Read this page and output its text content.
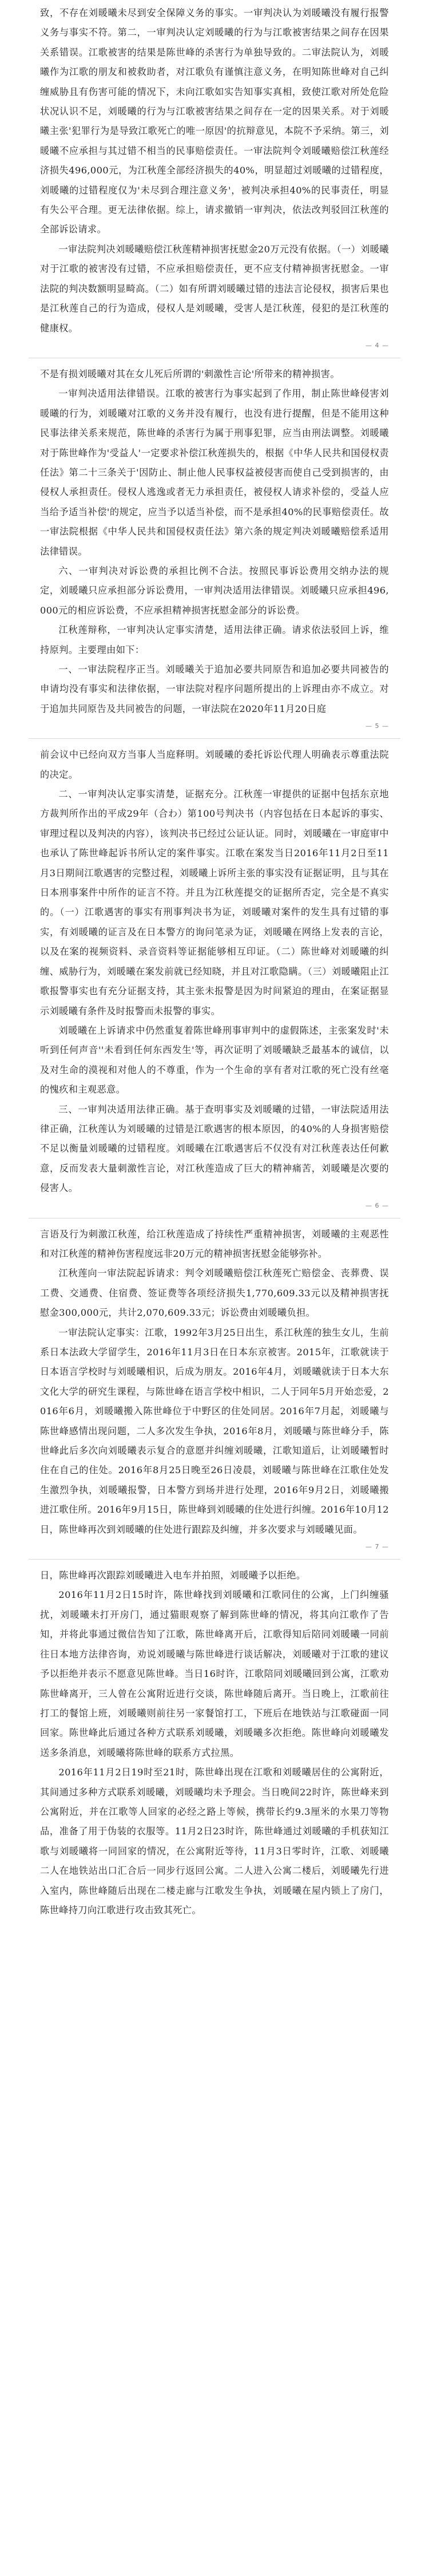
致，不存在刘暖曦未尽到安全保障义务的事实。一审判决认为刘暖曦没有履行报警义务与事实不符。第二，一审判决认定刘暖曦的行为与江歌被害结果之间存在因果关系错误。江歌被害的结果是陈世峰的杀害行为单独导致的。二审法院认为，刘暖曦作为江歌的朋友和被救助者，对江歌负有谨慎注意义务，在明知陈世峰对自己纠缠威胁且有伤害可能的情况下，未向江歌如实告知事实真相，致使江歌对所处危险状况认识不足，刘暖曦的行为与江歌被害结果之间存在一定的因果关系。对于刘暖曦主张'犯罪行为是导致江歌死亡的唯一原因'的抗辩意见，本院不予采纳。第三，刘暖曦不应承担与其过错不相当的民事赔偿责任。一审法院判令刘暖曦赔偿江秋莲经济损失496,000元，为江秋莲全部经济损失的40%，明显超过刘暖曦的过错程度，刘暖曦的过错程度仅为'未尽到合理注意义务'，被判决承担40%的民事责任，明显有失公平合理。更无法律依据。综上，请求撤销一审判决，依法改判驳回江秋莲的全部诉讼请求。

一审法院判决刘暖曦赔偿江秋莲精神损害抚慰金20万元没有依据。（一）刘暖曦对于江歌的被害没有过错，不应承担赔偿责任，更不应支付精神损害抚慰金。一审法院的判决数额明显畸高。（二）如有所谓刘暖曦过错的违法言论侵权，损害后果也是江秋莲自己的行为造成，侵权人是刘暖曦，受害人是江秋莲，侵犯的是江秋莲的健康权。

— 4 —

不是有损刘暖曦对其在女儿死后所谓的'刺激性言论'所带来的精神损害。

一审判决适用法律错误。江歌的被害行为事实起到了作用，制止陈世峰侵害刘暖曦的行为，刘暖曦对江歌的义务并没有履行，也没有进行提醒，但是不能用这种民事法律关系来规范，陈世峰的杀害行为属于刑事犯罪，应当由刑法调整。刘暖曦对于陈世峰作为'受益人'一定要求补偿江秋莲损失的，根据《中华人民共和国侵权责任法》第二十三条关于'因防止、制止他人民事权益被侵害而使自己受到损害的，由侵权人承担责任。侵权人逃逸或者无力承担责任，被侵权人请求补偿的，受益人应当给予适当补偿'的规定，应当予以适当补偿，而不是承担40%的民事赔偿责任。故一审法院根据《中华人民共和国侵权责任法》第六条的规定判决刘暖曦赔偿系适用法律错误。

六、一审判决对诉讼费的承担比例不合法。按照民事诉讼费用交纳办法的规定，刘暖曦只应承担部分诉讼费用，一审判决适用法律错误。刘暖曦只应承担496,000元的相应诉讼费，不应承担精神损害抚慰金部分的诉讼费。

江秋莲辩称，一审判决认定事实清楚，适用法律正确。请求依法驳回上诉，维持原判。主要理由如下：

一、一审法院程序正当。刘暖曦关于追加必要共同原告和追加必要共同被告的申请均没有事实和法律依据，一审法院对程序问题所提出的上诉理由亦不成立。对于追加共同原告及共同被告的问题，一审法院在2020年11月20日庭

— 5 —

前会议中已经向双方当事人当庭释明。刘暖曦的委托诉讼代理人明确表示尊重法院的决定。

二、一审判决认定事实清楚，证据充分。江秋莲一审提供的证据中包括东京地方裁判所作出的平成29年（合わ）第100号判决书（内容包括在日本起诉的事实、审理过程以及判决的内容），该判决书已经过公证认证。同时，刘暖曦在一审庭审中也承认了陈世峰起诉书所认定的案件事实。江歌在案发当日2016年11月2日至11月3日期间江歌遇害的完整过程，刘暖曦上诉所主张的事实没有证据证明，且与其在日本刑事案件中所作的证言不符。并且为江秋莲提交的证据所否定，完全是不真实的。（一）江歌遇害的事实有刑事判决书为证，刘暖曦对案件的发生具有过错的事实，有刘暖曦的证言及在日本警方的询问笔录为证，刘暖曦在网络上发表的言论，以及在案的视频资料、录音资料等证据能够相互印证。（二）陈世峰对刘暖曦的纠缠、威胁行为，刘暖曦在案发前就已经知晓，并且对江歌隐瞒。（三）刘暖曦阻止江歌报警事实也有充分证据支持，其主张未报警是因为时间紧迫的理由，在案证据显示刘暖曦有条件及时报警而未报警的事实。

刘暖曦在上诉请求中仍然重复着陈世峰刑事审判中的虚假陈述，主张案发时'未听到任何声音''未看到任何东西发生'等，再次证明了刘暖曦缺乏最基本的诚信，以及对生命的漠视和对他人的不尊重，作为一个生命的享有者对江歌的死亡没有丝毫的愧疚和主观恶意。

三、一审判决适用法律正确。基于查明事实及刘暖曦的过错，一审法院适用法律正确，江秋莲认为刘暖曦的过错是江歌遇害的根本原因，的40%的人身损害赔偿不足以衡量刘暖曦的过错程度。刘暖曦在江歌遇害后不仅没有对江秋莲表达任何歉意，反而发表大量刺激性言论，对江秋莲造成了巨大的精神痛苦，刘暖曦是次要的侵害人。

— 6 —

言语及行为刺激江秋莲，给江秋莲造成了持续性严重精神损害，刘暖曦的主观恶性和对江秋莲的精神伤害程度远非20万元的精神损害抚慰金能够弥补。

江秋莲向一审法院起诉请求：判令刘暖曦赔偿江秋莲死亡赔偿金、丧葬费、误工费、交通费、住宿费、签证费等各项经济损失1,770,609.33元以及精神损害抚慰金300,000元，共计2,070,609.33元；诉讼费由刘暖曦负担。

一审法院认定事实：江歌，1992年3月25日出生，系江秋莲的独生女儿，生前系日本法政大学留学生，2016年11月3日在日本东京被害。2015年，江歌就读于日本语言学校时与刘暖曦相识，后成为朋友。2016年4月，刘暖曦就读于日本大东文化大学的研究生课程，与陈世峰在语言学校中相识，二人于同年5月开始恋爱，2016年6月，刘暖曦搬入陈世峰位于中野区的住处同居。2016年7月起，刘暖曦与陈世峰感情出现问题，二人多次发生争执，2016年8月，刘暖曦与陈世峰分手，陈世峰此后多次向刘暖曦表示复合的意愿并纠缠刘暖曦，江歌知道后，让刘暖曦暂时住在自己的住处。2016年8月25日晚至26日凌晨，刘暖曦与陈世峰在江歌住处发生激烈争执，刘暖曦报警，日本警方到场并进行处理，2016年9月2日，刘暖曦搬进江歌住所。2016年9月15日，陈世峰到刘暖曦的住处进行纠缠。2016年10月12日，陈世峰再次到刘暖曦的住处进行跟踪及纠缠，并多次要求与刘暖曦见面。

— 7 —

日，陈世峰再次跟踪刘暖曦进入电车并拍照，刘暖曦予以拒绝。

2016年11月2日15时许，陈世峰找到刘暖曦和江歌同住的公寓，上门纠缠骚扰，刘暖曦未打开房门，通过猫眼观察了解到陈世峰的情况，将其向江歌作了告知，并将此事通过微信告知了江歌，陈世峰离开后，江歌得知后陪同刘暖曦一同前往日本地方法律咨询，劝说刘暖曦与陈世峰进行谈话解决，刘暖曦对于江歌的建议予以拒绝并表示不愿意见陈世峰。当日16时许，江歌陪同刘暖曦回到公寓，江歌劝陈世峰离开，三人曾在公寓附近进行交谈，陈世峰随后离开。当日晚上，江歌前往打工的餐馆上班，刘暖曦则前往另一家餐馆打工，下班后在地铁站与江歌碰面一同回家。陈世峰此后通过各种方式联系刘暖曦，刘暖曦多次拒绝。陈世峰向刘暖曦发送多条消息，刘暖曦将陈世峰的联系方式拉黑。

2016年11月2日19时至21时，陈世峰出现在江歌和刘暖曦居住的公寓附近，其间通过多种方式联系刘暖曦，刘暖曦均未予理会。当日晚间22时许，陈世峰来到公寓附近，并在江歌等人回家的必经之路上等候，携带长约9.3厘米的水果刀等物品，准备了用于伪装的衣服等。11月2日23时许，陈世峰通过刘暖曦的手机获知江歌与刘暖曦将一同回家的情况，在公寓附近等待，11月3日零时许，江歌、刘暖曦二人在地铁站出口汇合后一同步行返回公寓。二人进入公寓二楼后，刘暖曦先行进入室内，陈世峰随后出现在二楼走廊与江歌发生争执，刘暖曦在屋内锁上了房门，陈世峰持刀向江歌进行攻击致其死亡。
